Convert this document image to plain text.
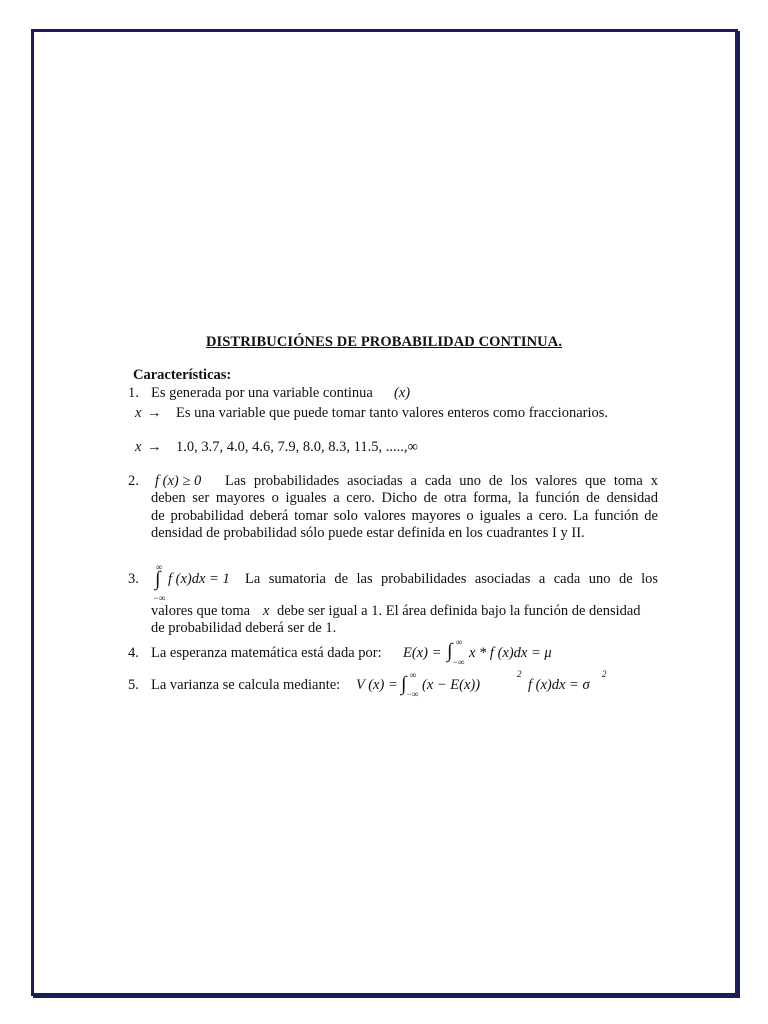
DISTRIBUCIÓNES DE PROBABILIDAD CONTINUA.
Características:
1. Es generada por una variable continua (x)
x → Es una variable que puede tomar tanto valores enteros como fraccionarios.
x → 1.0, 3.7, 4.0, 4.6, 7.9, 8.0, 8.3, 11.5, .....,∞
2. f (x) ≥ 0 Las probabilidades asociadas a cada uno de los valores que toma x
deben ser mayores o iguales a cero. Dicho de otra forma, la función de densidad
de probabilidad deberá tomar solo valores mayores o iguales a cero. La función de
densidad de probabilidad sólo puede estar definida en los cuadrantes I y II.
3.
∞
∫
−∞
f (x)dx = 1 La sumatoria de las probabilidades asociadas a cada uno de los
valores que toma x debe ser igual a 1. El área definida bajo la función de densidad
de probabilidad deberá ser de 1.
4. La esperanza matemática está dada por: E(x) =
∞
∫ −∞
x * f (x)dx = μ
5. La varianza se calcula mediante: V (x) =
∞
∫ −∞
(x − E(x))
2
f (x)dx = σ
2
